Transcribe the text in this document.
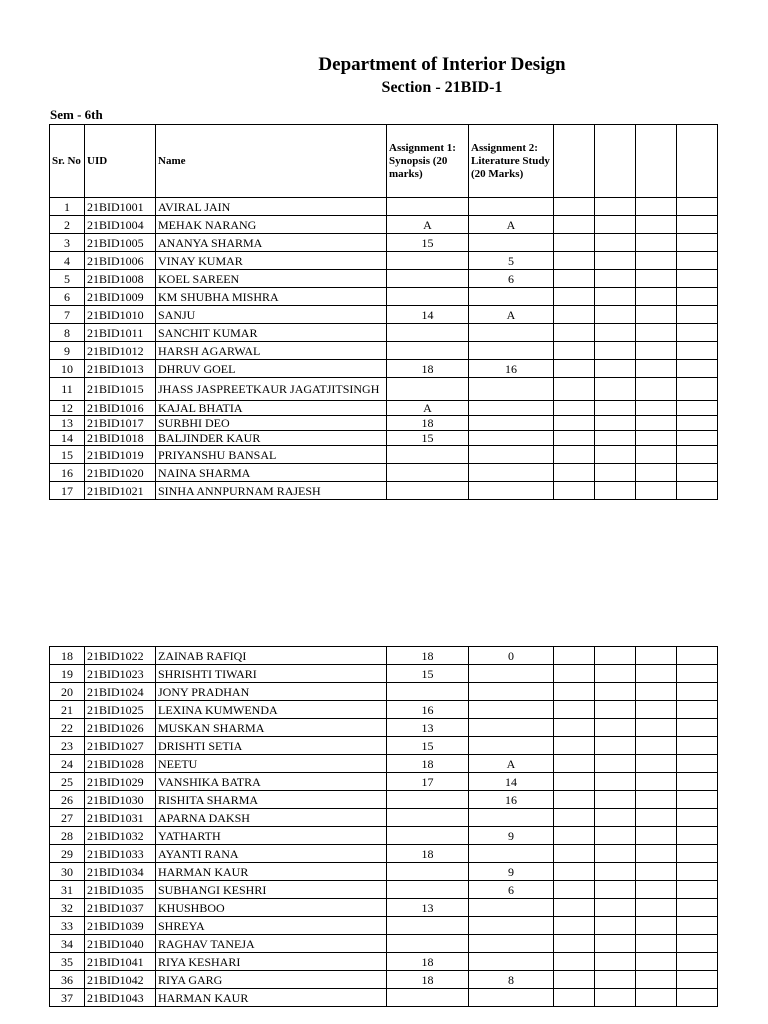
Department of Interior Design
Section - 21BID-1
Sem - 6th
Sr. No	UID	Name	Assignment 1: Synopsis (20 marks)	Assignment 2: Literature Study (20 Marks)				
1	21BID1001	AVIRAL JAIN						
2	21BID1004	MEHAK NARANG	A	A				
3	21BID1005	ANANYA SHARMA	15					
4	21BID1006	VINAY KUMAR		5				
5	21BID1008	KOEL SAREEN		6				
6	21BID1009	KM SHUBHA MISHRA						
7	21BID1010	SANJU	14	A				
8	21BID1011	SANCHIT KUMAR						
9	21BID1012	HARSH AGARWAL						
10	21BID1013	DHRUV GOEL	18	16				
11	21BID1015	JHASS JASPREETKAUR JAGATJITSINGH						
12	21BID1016	KAJAL BHATIA	A					
13	21BID1017	SURBHI DEO	18					
14	21BID1018	BALJINDER KAUR	15					
15	21BID1019	PRIYANSHU BANSAL						
16	21BID1020	NAINA SHARMA						
17	21BID1021	SINHA ANNPURNAM RAJESH						
18	21BID1022	ZAINAB RAFIQI	18	0				
19	21BID1023	SHRISHTI TIWARI	15					
20	21BID1024	JONY PRADHAN						
21	21BID1025	LEXINA KUMWENDA	16					
22	21BID1026	MUSKAN SHARMA	13					
23	21BID1027	DRISHTI SETIA	15					
24	21BID1028	NEETU	18	A				
25	21BID1029	VANSHIKA BATRA	17	14				
26	21BID1030	RISHITA SHARMA		16				
27	21BID1031	APARNA DAKSH						
28	21BID1032	YATHARTH		9				
29	21BID1033	AYANTI RANA	18					
30	21BID1034	HARMAN KAUR		9				
31	21BID1035	SUBHANGI KESHRI		6				
32	21BID1037	KHUSHBOO	13					
33	21BID1039	SHREYA						
34	21BID1040	RAGHAV TANEJA						
35	21BID1041	RIYA KESHARI	18					
36	21BID1042	RIYA GARG	18	8				
37	21BID1043	HARMAN KAUR						
